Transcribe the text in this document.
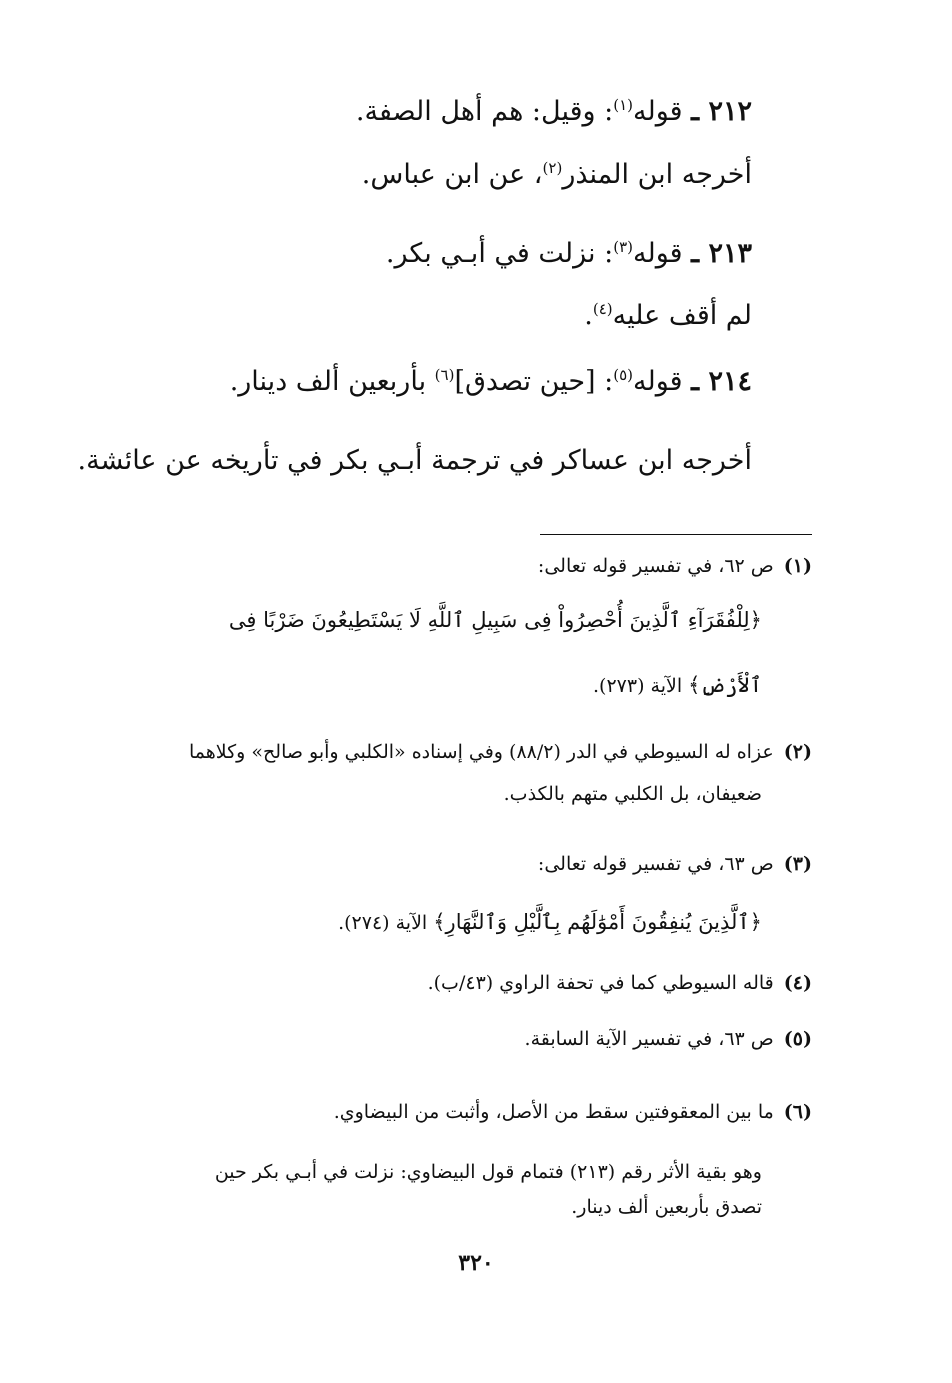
٢١٢ ـ قوله$^{(١)}$: وقيل: هم أهل الصفة.
أخرجه ابن المنذر$^{(٢)}$، عن ابن عباس.
٢١٣ ـ قوله$^{(٣)}$: نزلت في أبـي بكر.
لم أقف عليه$^{(٤)}$.
٢١٤ ـ قوله$^{(٥)}$: [حين تصدق]$^{(٦)}$ بأربعين ألف دينار.
أخرجه ابن عساكر في ترجمة أبـي بكر في تأريخه عن عائشة.
(١)ص ٦٢، في تفسير قوله تعالى:
﴿لِلْفُقَرَآءِ ٱلَّذِينَ أُحْصِرُواْ فِى سَبِيلِ ٱللَّهِ لَا يَسْتَطِيعُونَ ضَرْبًا فِى
ٱلْأَرْضِ﴾ الآية (٢٧٣).
(٢)عزاه له السيوطي في الدر (٨٨/٢) وفي إسناده «الكلبي وأبو صالح» وكلاهما
ضعيفان، بل الكلبي متهم بالكذب.
(٣)ص ٦٣، في تفسير قوله تعالى:
﴿ٱلَّذِينَ يُنفِقُونَ أَمْوَٰلَهُم بِٱلَّيْلِ وَٱلنَّهَارِ﴾ الآية (٢٧٤).
(٤)قاله السيوطي كما في تحفة الراوي (٤٣/ب).
(٥)ص ٦٣، في تفسير الآية السابقة.
(٦)ما بين المعقوفتين سقط من الأصل، وأثبت من البيضاوي.
وهو بقية الأثر رقم (٢١٣) فتمام قول البيضاوي: نزلت في أبـي بكر حين
تصدق بأربعين ألف دينار.
٣٢٠
